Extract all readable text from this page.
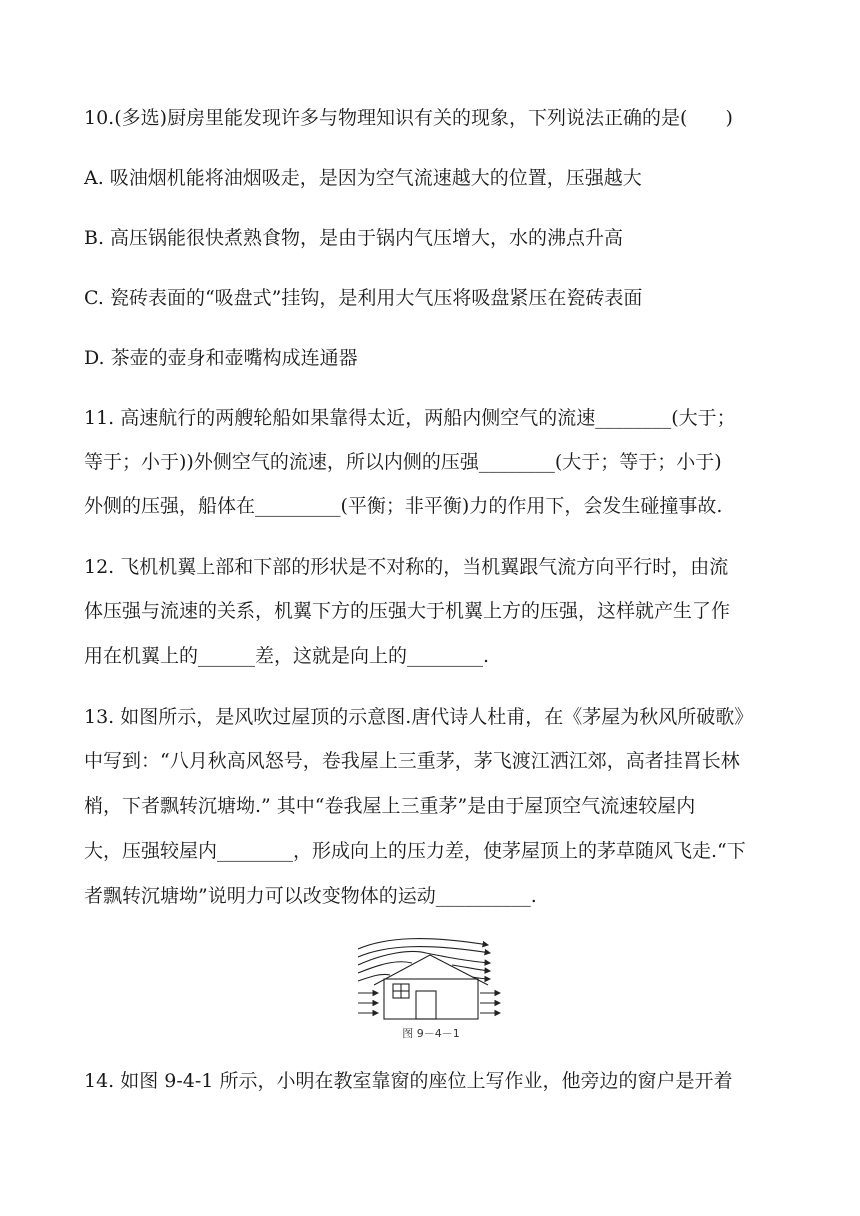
10.(多选)厨房里能发现许多与物理知识有关的现象，下列说法正确的是(　　)
A. 吸油烟机能将油烟吸走，是因为空气流速越大的位置，压强越大
B. 高压锅能很快煮熟食物，是由于锅内气压增大，水的沸点升高
C. 瓷砖表面的“吸盘式”挂钩，是利用大气压将吸盘紧压在瓷砖表面
D. 茶壶的壶身和壶嘴构成连通器
11. 高速航行的两艘轮船如果靠得太近，两船内侧空气的流速________(大于；
等于；小于))外侧空气的流速，所以内侧的压强________(大于；等于；小于)
外侧的压强，船体在_________(平衡；非平衡)力的作用下，会发生碰撞事故.
12. 飞机机翼上部和下部的形状是不对称的，当机翼跟气流方向平行时，由流
体压强与流速的关系，机翼下方的压强大于机翼上方的压强，这样就产生了作
用在机翼上的______差，这就是向上的________.
13. 如图所示，是风吹过屋顶的示意图.唐代诗人杜甫，在《茅屋为秋风所破歌》
中写到：“八月秋高风怒号，卷我屋上三重茅，茅飞渡江洒江郊，高者挂罥长林
梢，下者飘转沉塘坳.” 其中“卷我屋上三重茅”是由于屋顶空气流速较屋内
大，压强较屋内________，形成向上的压力差，使茅屋顶上的茅草随风飞走.“下
者飘转沉塘坳”说明力可以改变物体的运动__________.
图 9－4－1
14. 如图 9-4-1 所示，小明在教室靠窗的座位上写作业，他旁边的窗户是开着
